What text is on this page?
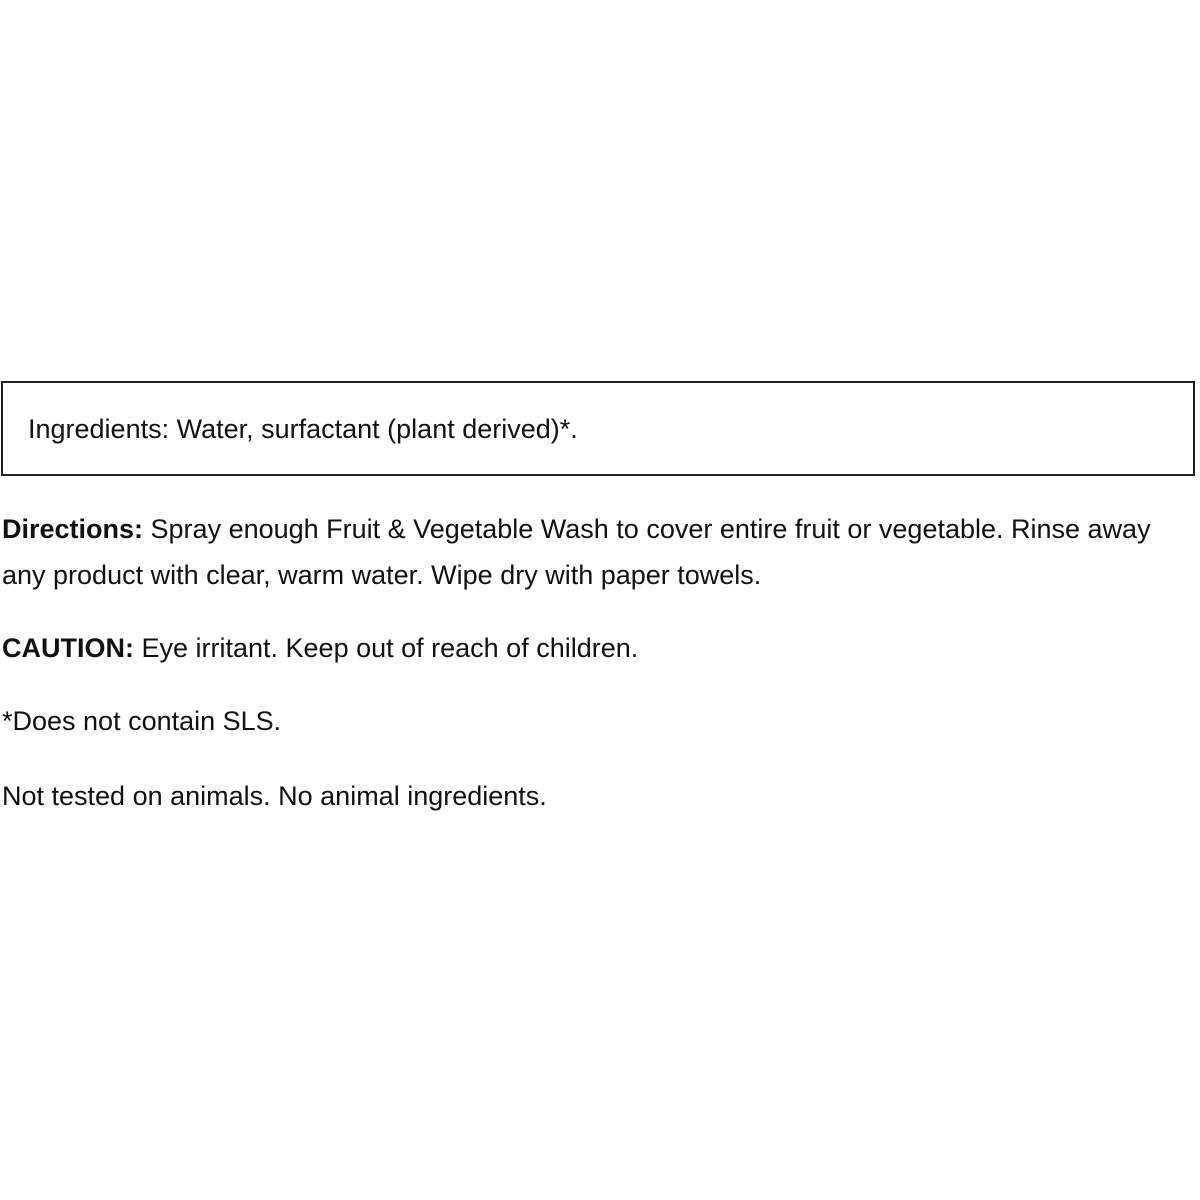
Ingredients: Water, surfactant (plant derived)*.

Directions: Spray enough Fruit & Vegetable Wash to cover entire fruit or vegetable. Rinse away any product with clear, warm water. Wipe dry with paper towels.

CAUTION: Eye irritant. Keep out of reach of children.

*Does not contain SLS.

Not tested on animals. No animal ingredients.
